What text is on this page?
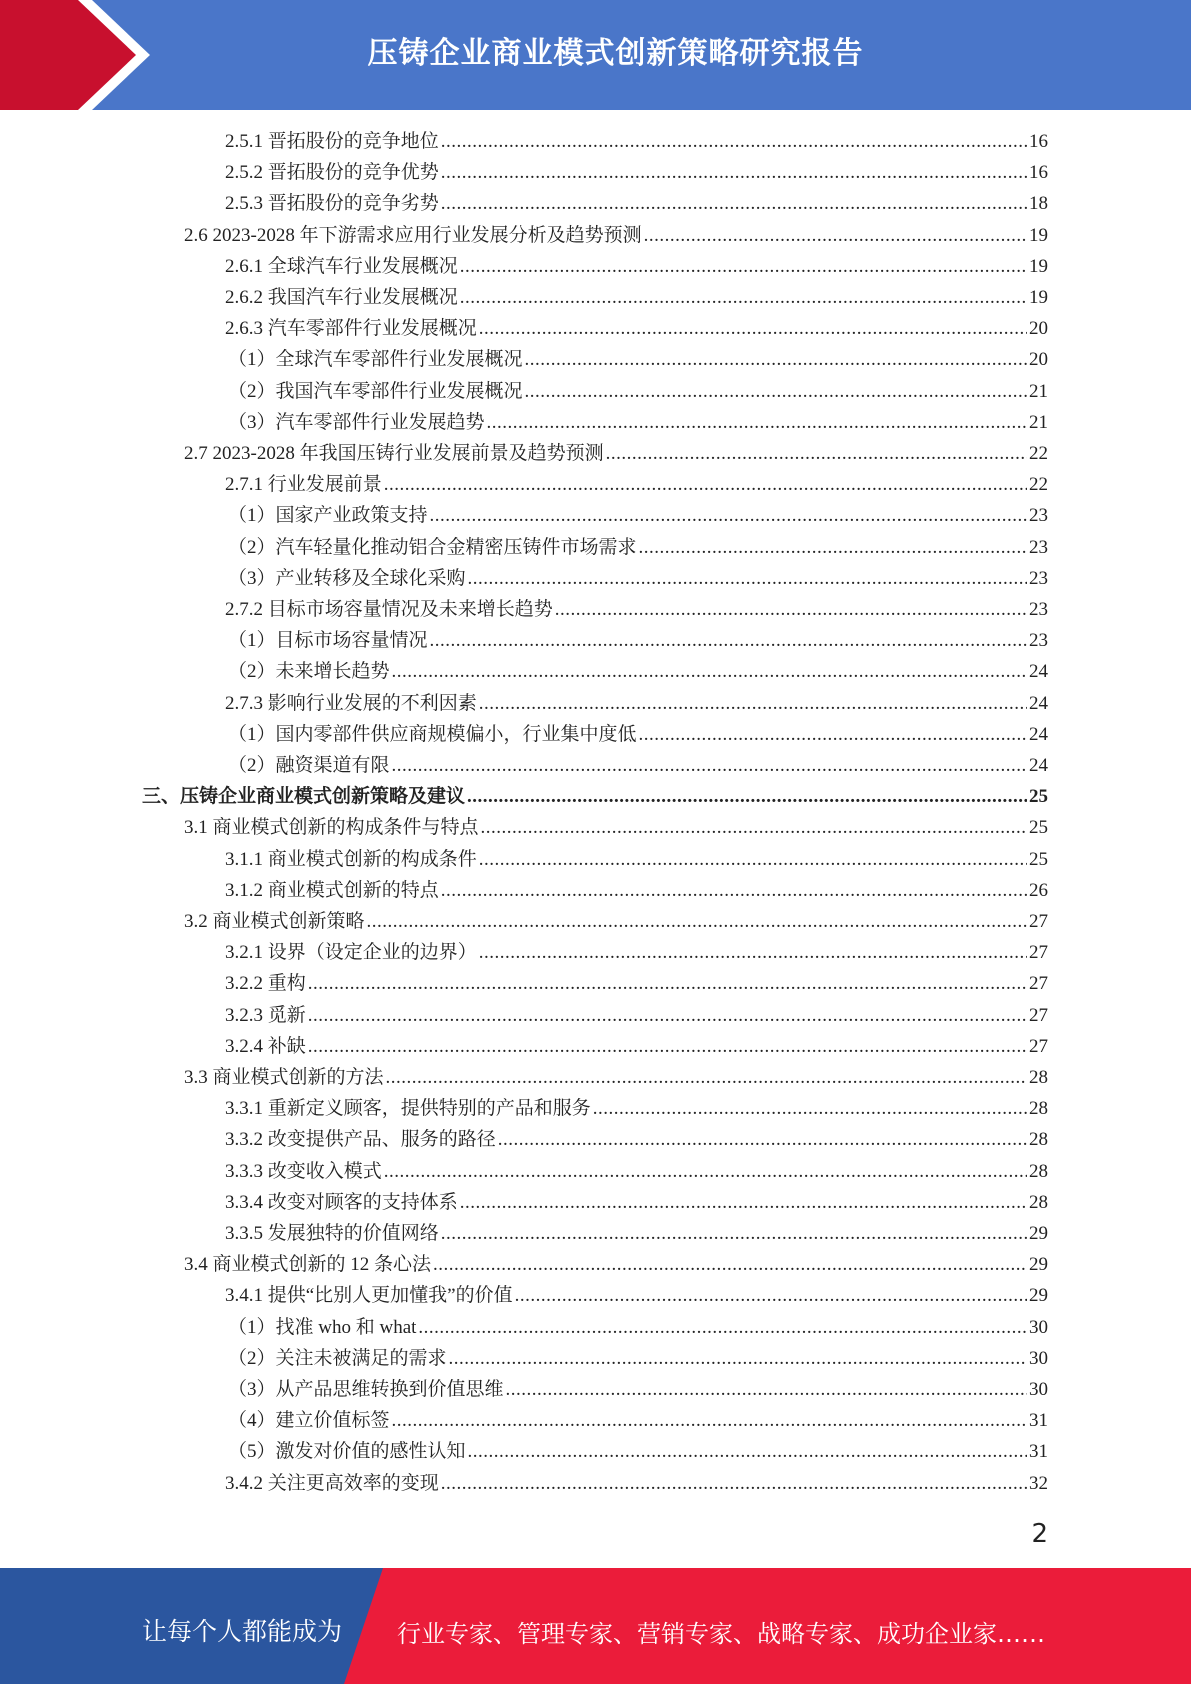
压铸企业商业模式创新策略研究报告
2.5.1 晋拓股份的竞争地位 .....	16
2.5.2 晋拓股份的竞争优势 .....	16
2.5.3 晋拓股份的竞争劣势 .....	18
2.6 2023-2028 年下游需求应用行业发展分析及趋势预测 .....	19
2.6.1 全球汽车行业发展概况 .....	19
2.6.2 我国汽车行业发展概况 .....	19
2.6.3 汽车零部件行业发展概况 .....	20
（1）全球汽车零部件行业发展概况 .....	20
（2）我国汽车零部件行业发展概况 .....	21
（3）汽车零部件行业发展趋势 .....	21
2.7 2023-2028 年我国压铸行业发展前景及趋势预测 .....	22
2.7.1 行业发展前景 .....	22
（1）国家产业政策支持 .....	23
（2）汽车轻量化推动铝合金精密压铸件市场需求 .....	23
（3）产业转移及全球化采购 .....	23
2.7.2 目标市场容量情况及未来增长趋势 .....	23
（1）目标市场容量情况 .....	23
（2）未来增长趋势 .....	24
2.7.3 影响行业发展的不利因素 .....	24
（1）国内零部件供应商规模偏小，行业集中度低 .....	24
（2）融资渠道有限 .....	24
三、压铸企业商业模式创新策略及建议 .....	25
3.1 商业模式创新的构成条件与特点 .....	25
3.1.1 商业模式创新的构成条件 .....	25
3.1.2 商业模式创新的特点 .....	26
3.2 商业模式创新策略 .....	27
3.2.1 设界（设定企业的边界） .....	27
3.2.2 重构 .....	27
3.2.3 觅新 .....	27
3.2.4 补缺 .....	27
3.3 商业模式创新的方法 .....	28
3.3.1 重新定义顾客，提供特别的产品和服务 .....	28
3.3.2 改变提供产品、服务的路径 .....	28
3.3.3 改变收入模式 .....	28
3.3.4 改变对顾客的支持体系 .....	28
3.3.5 发展独特的价值网络 .....	29
3.4 商业模式创新的 12 条心法 .....	29
3.4.1 提供“比别人更加懂我”的价值 .....	29
（1）找准 who 和 what .....	30
（2）关注未被满足的需求 .....	30
（3）从产品思维转换到价值思维 .....	30
（4）建立价值标签 .....	31
（5）激发对价值的感性认知 .....	31
3.4.2 关注更高效率的变现 .....	32
2
让每个人都能成为 行业专家、管理专家、营销专家、战略专家、成功企业家……
